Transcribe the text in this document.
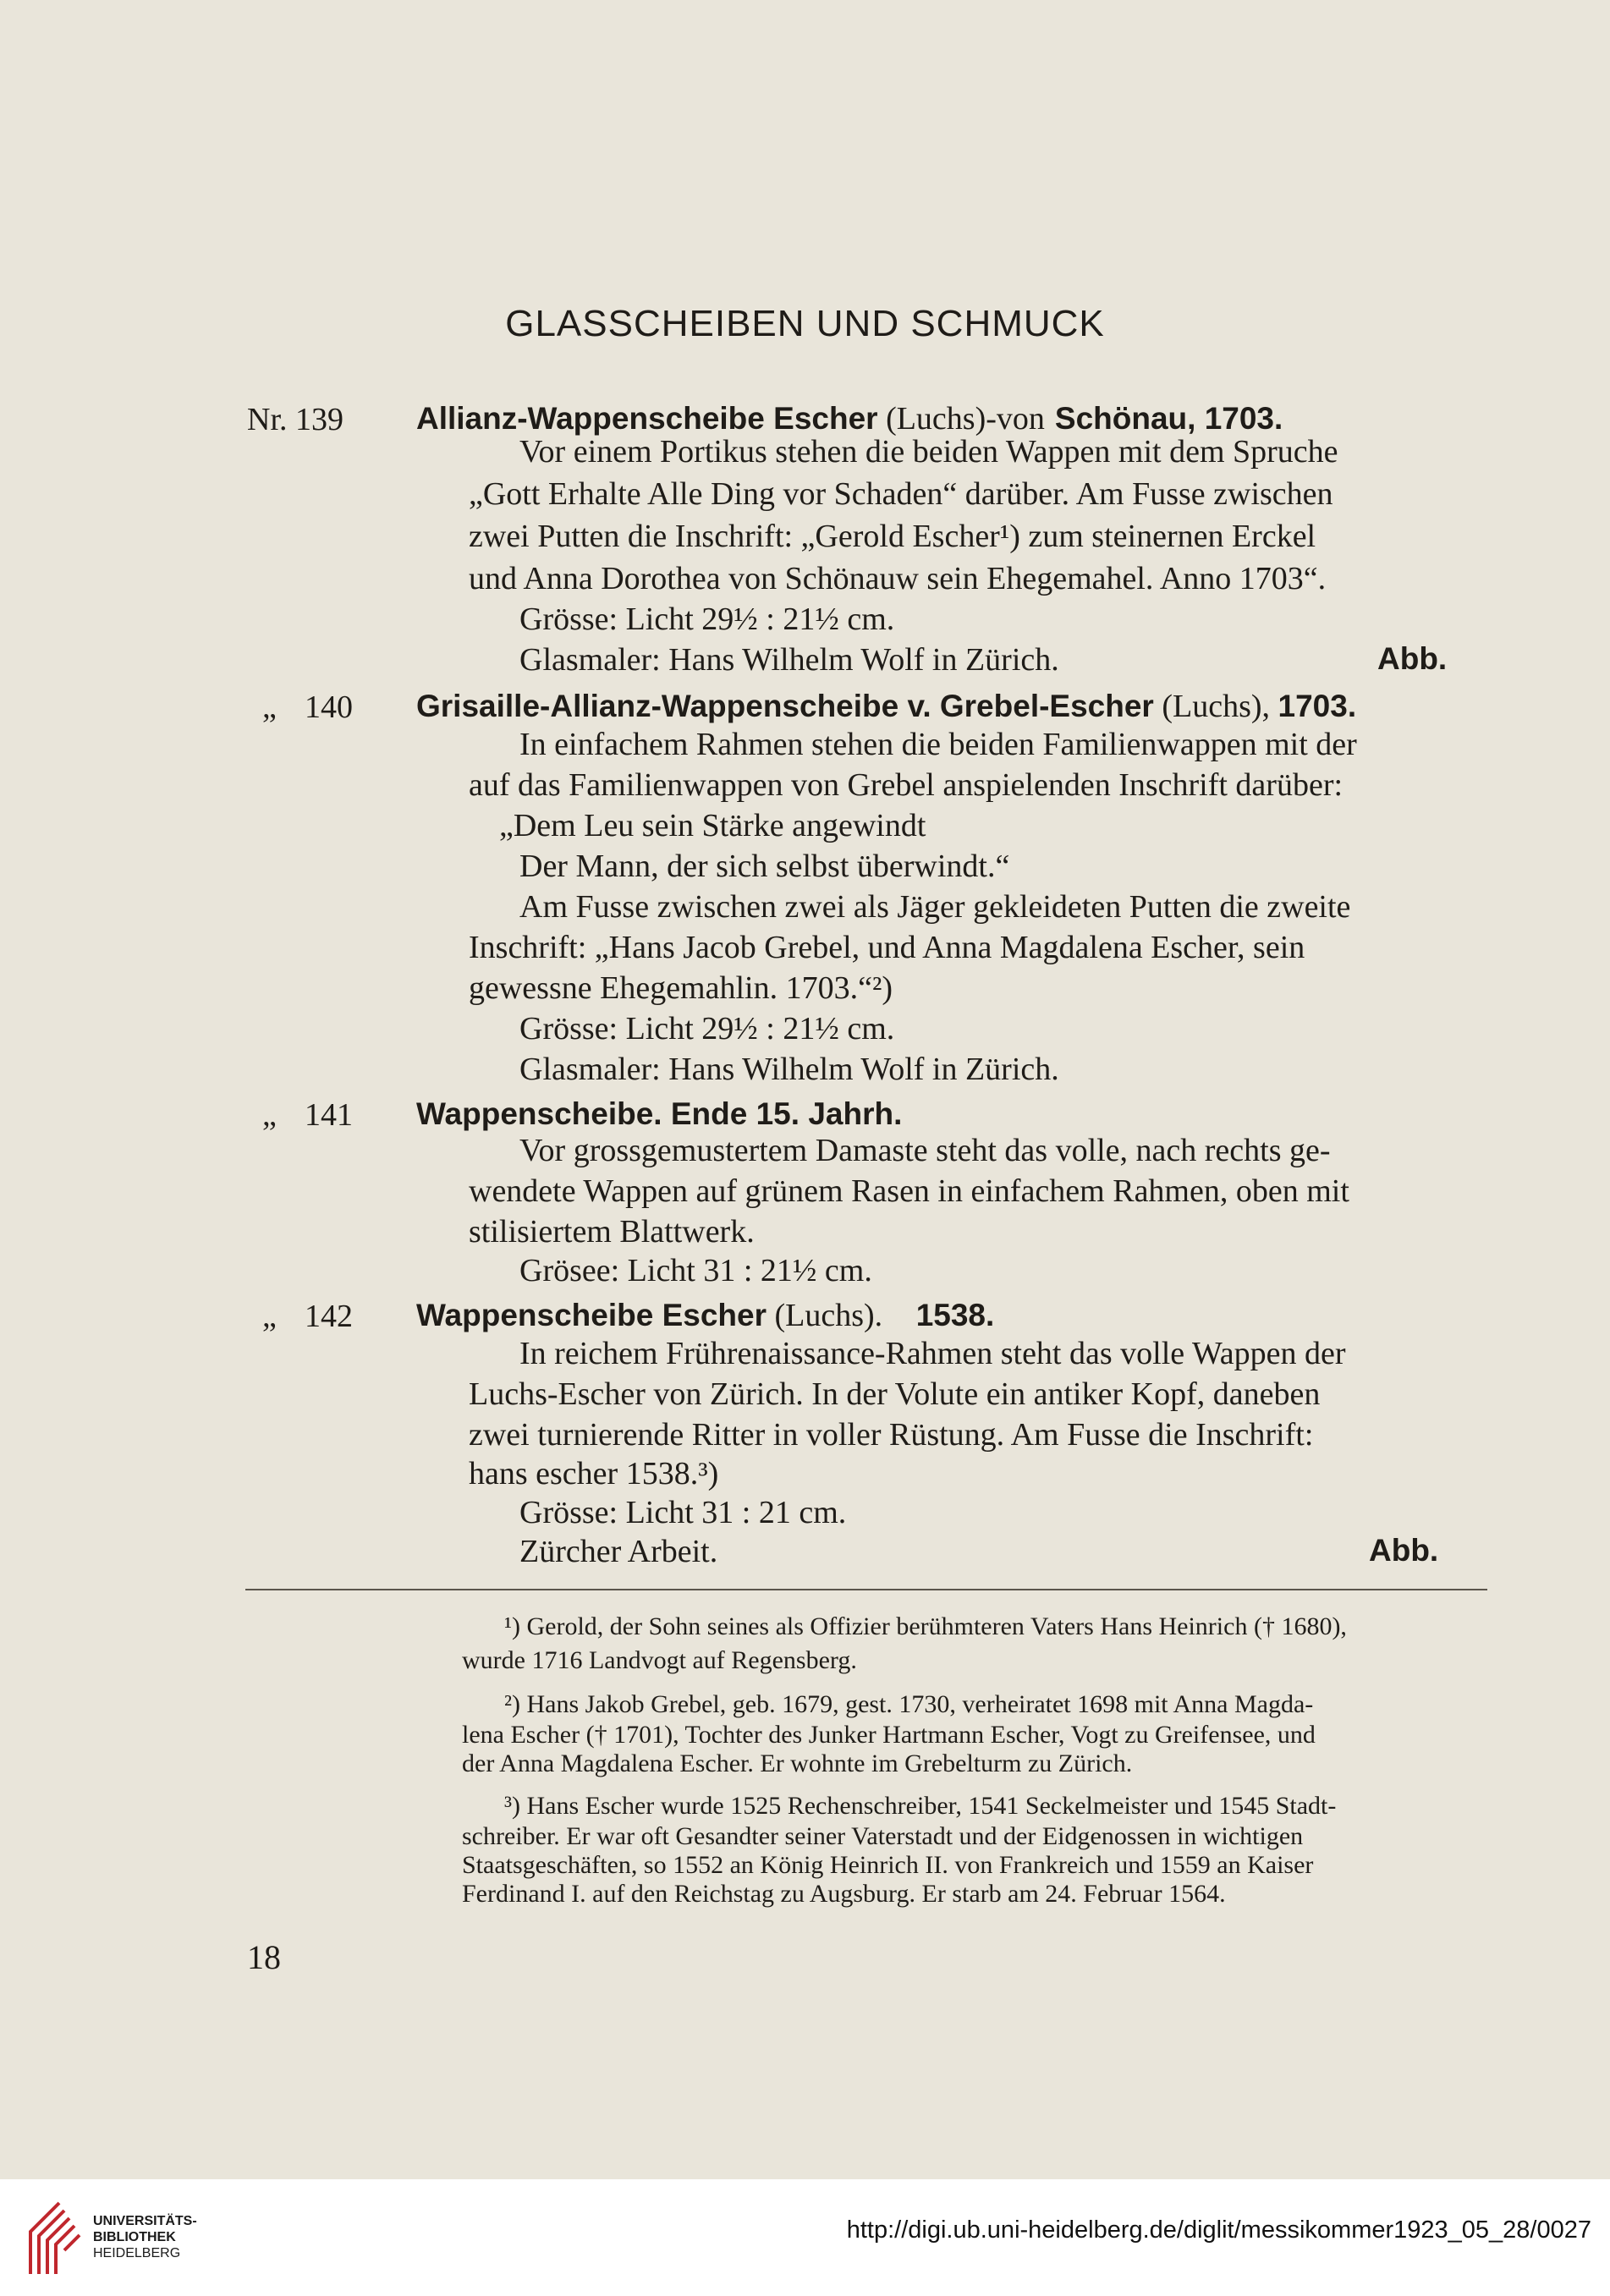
GLASSCHEIBEN UND SCHMUCK
Nr. 139	Allianz-Wappenscheibe Escher (Luchs)-von Schönau, 1703.
Vor einem Portikus stehen die beiden Wappen mit dem Spruche
„Gott Erhalte Alle Ding vor Schaden“ darüber. Am Fusse zwischen
zwei Putten die Inschrift: „Gerold Escher¹) zum steinernen Erckel
und Anna Dorothea von Schönauw sein Ehegemahel. Anno 1703“.
Grösse: Licht 29½ : 21½ cm.
Glasmaler: Hans Wilhelm Wolf in Zürich.	Abb.
„ 140	Grisaille-Allianz-Wappenscheibe v. Grebel-Escher (Luchs), 1703.
In einfachem Rahmen stehen die beiden Familienwappen mit der
auf das Familienwappen von Grebel anspielenden Inschrift darüber:
„Dem Leu sein Stärke angewindt
Der Mann, der sich selbst überwindt.“
Am Fusse zwischen zwei als Jäger gekleideten Putten die zweite
Inschrift: „Hans Jacob Grebel, und Anna Magdalena Escher, sein
gewessne Ehegemahlin. 1703.“²)
Grösse: Licht 29½ : 21½ cm.
Glasmaler: Hans Wilhelm Wolf in Zürich.
„ 141	Wappenscheibe. Ende 15. Jahrh.
Vor grossgemustertem Damaste steht das volle, nach rechts ge-
wendete Wappen auf grünem Rasen in einfachem Rahmen, oben mit
stilisiertem Blattwerk.
Grösee: Licht 31 : 21½ cm.
„ 142	Wappenscheibe Escher (Luchs). 1538.
In reichem Frührenaissance-Rahmen steht das volle Wappen der
Luchs-Escher von Zürich. In der Volute ein antiker Kopf, daneben
zwei turnierende Ritter in voller Rüstung. Am Fusse die Inschrift:
hans escher 1538.³)
Grösse: Licht 31 : 21 cm.
Zürcher Arbeit.	Abb.
¹) Gerold, der Sohn seines als Offizier berühmteren Vaters Hans Heinrich († 1680),
wurde 1716 Landvogt auf Regensberg.
²) Hans Jakob Grebel, geb. 1679, gest. 1730, verheiratet 1698 mit Anna Magda-
lena Escher († 1701), Tochter des Junker Hartmann Escher, Vogt zu Greifensee, und
der Anna Magdalena Escher. Er wohnte im Grebelturm zu Zürich.
³) Hans Escher wurde 1525 Rechenschreiber, 1541 Seckelmeister und 1545 Stadt-
schreiber. Er war oft Gesandter seiner Vaterstadt und der Eidgenossen in wichtigen
Staatsgeschäften, so 1552 an König Heinrich II. von Frankreich und 1559 an Kaiser
Ferdinand I. auf den Reichstag zu Augsburg. Er starb am 24. Februar 1564.
18
UNIVERSITÄTS-
BIBLIOTHEK
HEIDELBERG
http://digi.ub.uni-heidelberg.de/diglit/messikommer1923_05_28/0027
